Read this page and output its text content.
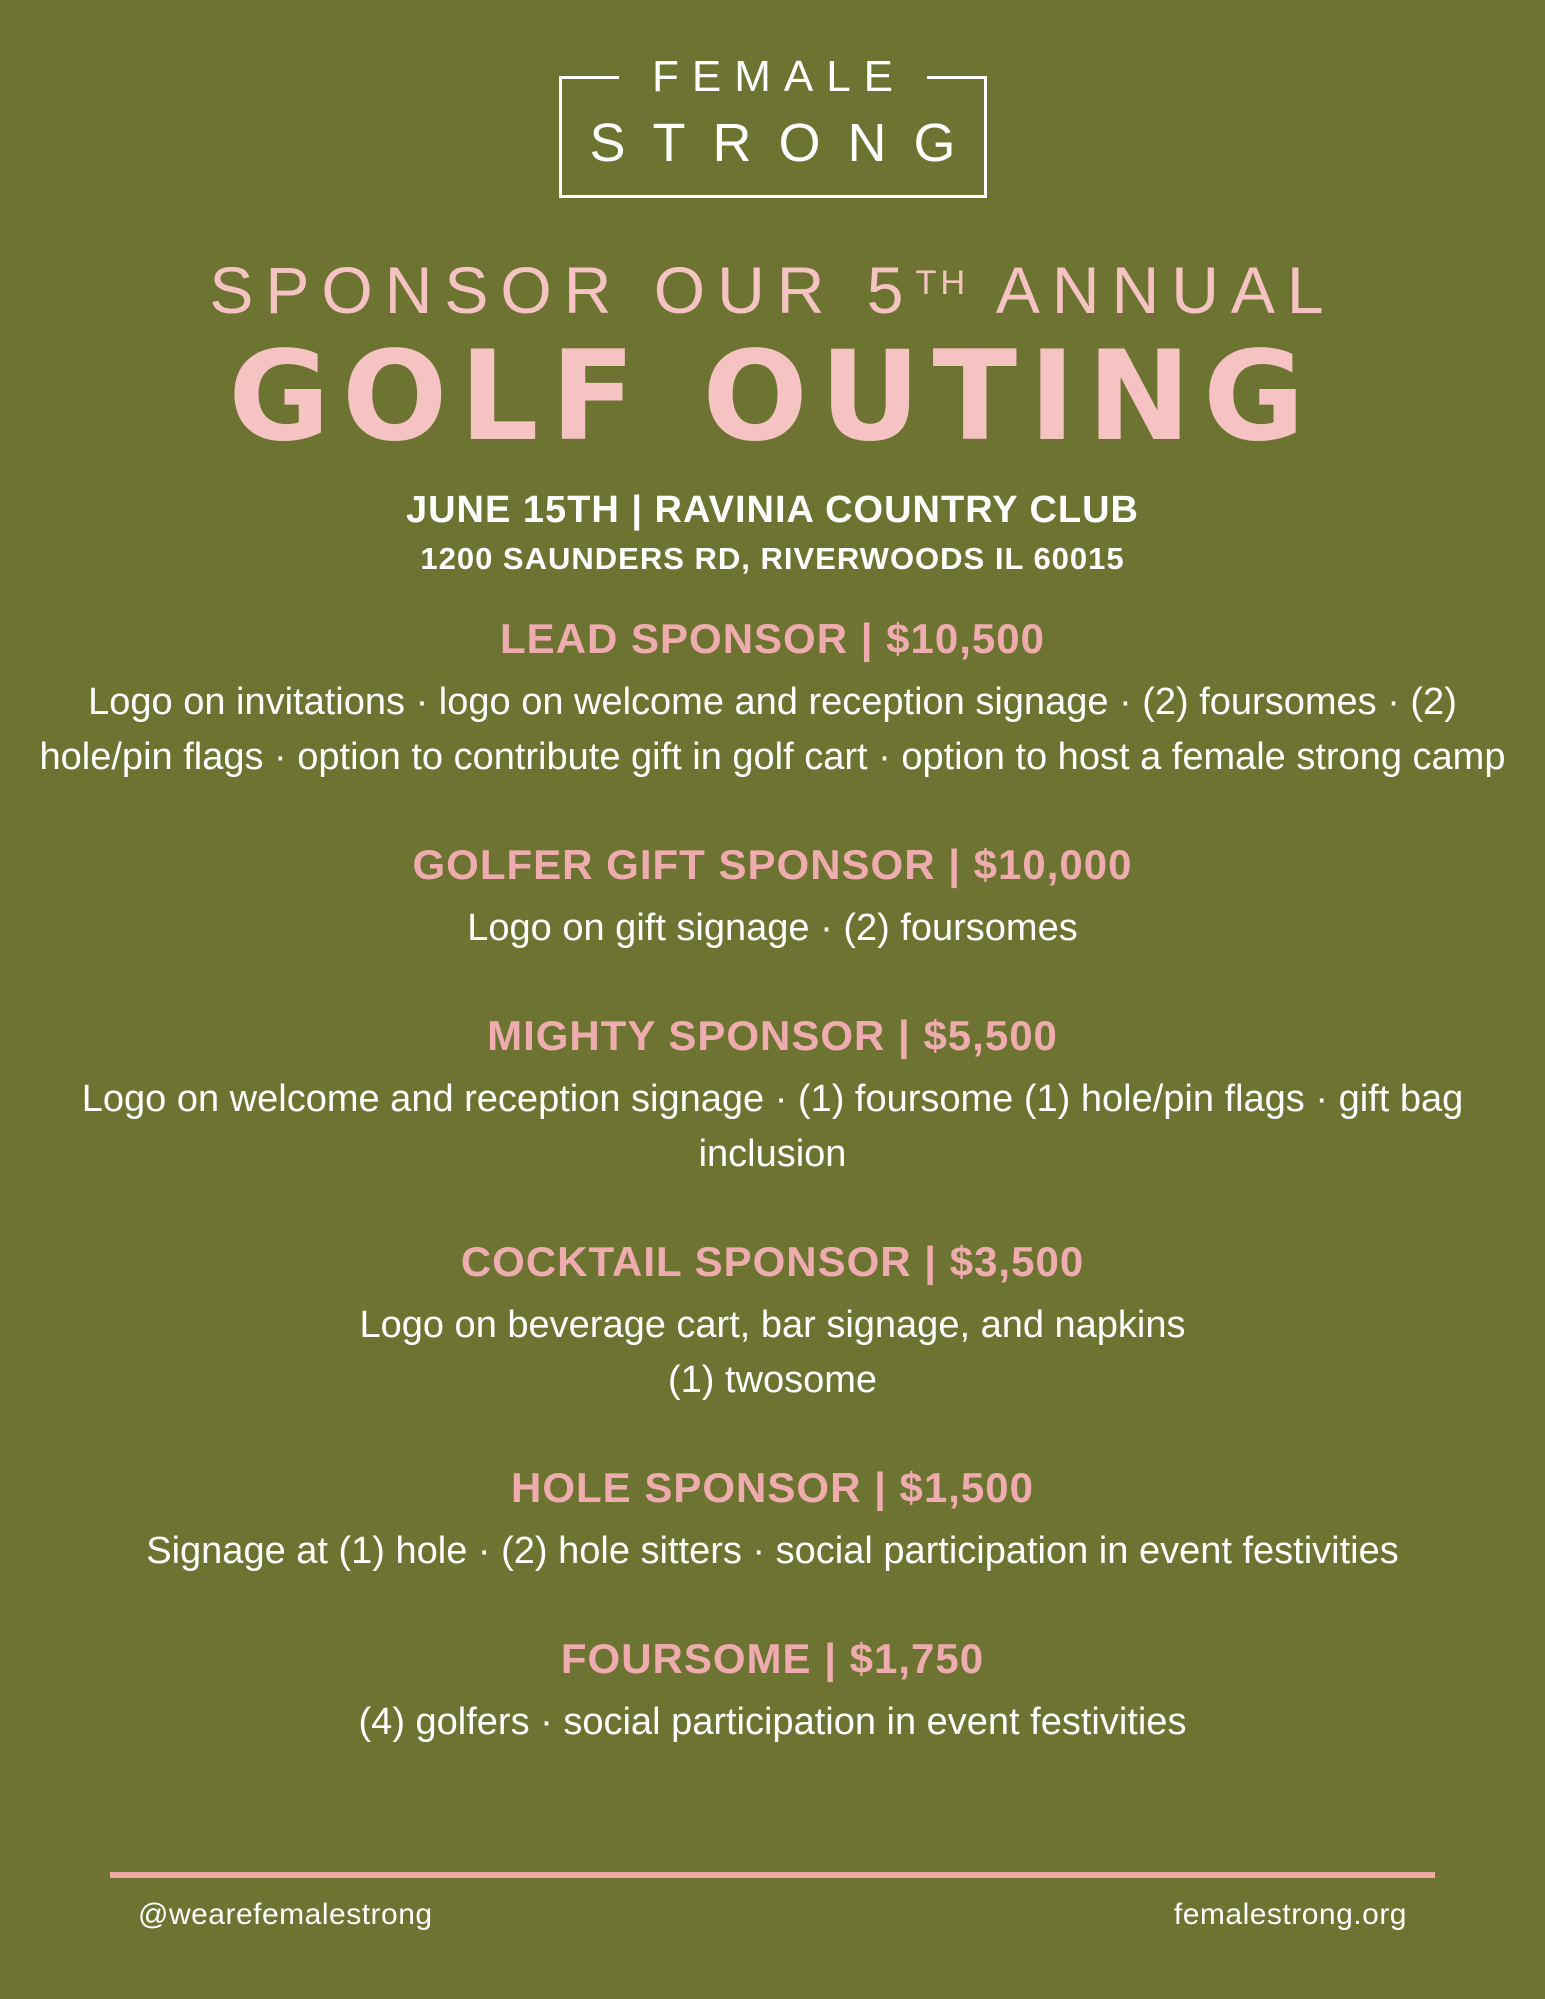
FEMALE
STRONG
SPONSOR OUR 5TH ANNUAL
GOLF OUTING
JUNE 15TH | RAVINIA COUNTRY CLUB
1200 SAUNDERS RD, RIVERWOODS IL 60015
LEAD SPONSOR | $10,500
Logo on invitations · logo on welcome and reception signage · (2) foursomes · (2) hole/pin flags · option to contribute gift in golf cart · option to host a female strong camp
GOLFER GIFT SPONSOR | $10,000
Logo on gift signage · (2) foursomes
MIGHTY SPONSOR | $5,500
Logo on welcome and reception signage · (1) foursome (1) hole/pin flags · gift bag inclusion
COCKTAIL SPONSOR | $3,500
Logo on beverage cart, bar signage, and napkins
(1) twosome
HOLE SPONSOR | $1,500
Signage at (1) hole · (2) hole sitters · social participation in event festivities
FOURSOME | $1,750
(4) golfers · social participation in event festivities
@wearefemalestrong	femalestrong.org
